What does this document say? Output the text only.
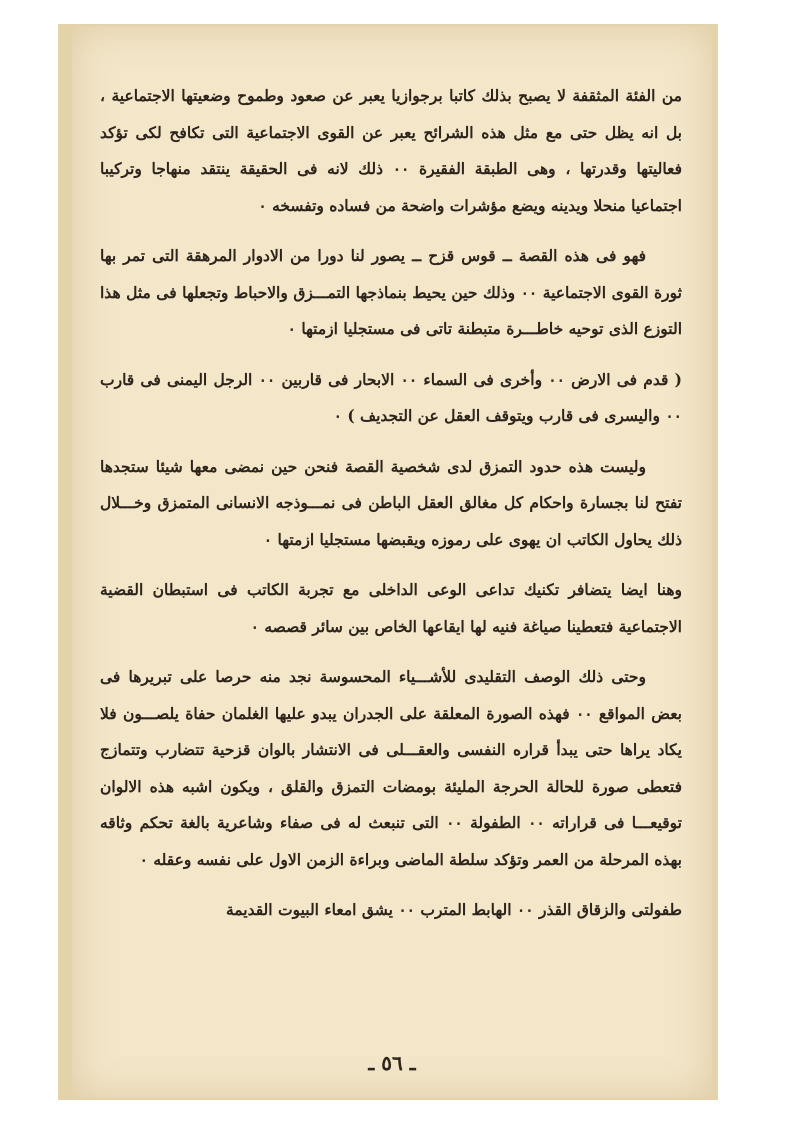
من الفئة المثقفة لا يصبح بذلك كاتبا برجوازيا يعبر عن صعود وطموح وضعيتها الاجتماعية ، بل انه يظل حتى مع مثل هذه الشرائح يعبر عن القوى الاجتماعية التى تكافح لكى تؤكد فعاليتها وقدرتها ، وهى الطبقة الفقيرة ٠٠ ذلك لانه فى الحقيقة ينتقد منهاجا وتركيبا اجتماعيا منحلا ويدينه ويضع مؤشرات واضحة من فساده وتفسخه ٠

فهو فى هذه القصة ــ قوس قزح ــ يصور لنا دورا من الادوار المرهقة التى تمر بها ثورة القوى الاجتماعية ٠٠ وذلك حين يحيط بنماذجها التمـــزق والاحباط وتجعلها فى مثل هذا التوزع الذى توحيه خاطـــرة متبطنة تاتى فى مستجليا ازمتها ٠

( قدم فى الارض ٠٠ وأخرى فى السماء ٠٠ الابحار فى قاربين ٠٠ الرجل اليمنى فى قارب ٠٠ واليسرى فى قارب ويتوقف العقل عن التجديف ) ٠

وليست هذه حدود التمزق لدى شخصية القصة فنحن حين نمضى معها شيئا ستجدها تفتح لنا بجسارة واحكام كل مغالق العقل الباطن فى نمـــوذجه الانسانى المتمزق وخـــلال ذلك يحاول الكاتب ان يهوى على رموزه ويقبضها مستجليا ازمتها ٠

وهنا ايضا يتضافر تكنيك تداعى الوعى الداخلى مع تجربة الكاتب فى استبطان القضية الاجتماعية فتعطينا صياغة فنيه لها ايقاعها الخاص بين سائر قصصه ٠

وحتى ذلك الوصف التقليدى للأشـــياء المحسوسة نجد منه حرصا على تبريرها فى بعض المواقع ٠٠ فهذه الصورة المعلقة على الجدران يبدو عليها الغلمان حفاة يلصـــون فلا يكاد يراها حتى يبدأ قراره النفسى والعقـــلى فى الانتشار بالوان قزحية تتضارب وتتمازج فتعطى صورة للحالة الحرجة المليئة بومضات التمزق والقلق ، ويكون اشبه هذه الالوان توقيعـــا فى قراراته ٠٠ الطفولة ٠٠ التى تنبعث له فى صفاء وشاعرية بالغة تحكم وثاقه بهذه المرحلة من العمر وتؤكد سلطة الماضى وبراءة الزمن الاول على نفسه وعقله ٠

طفولتى والزقاق القذر ٠٠ الهابط المترب ٠٠ يشق امعاء البيوت القديمة

ـ ٥٦ ـ
